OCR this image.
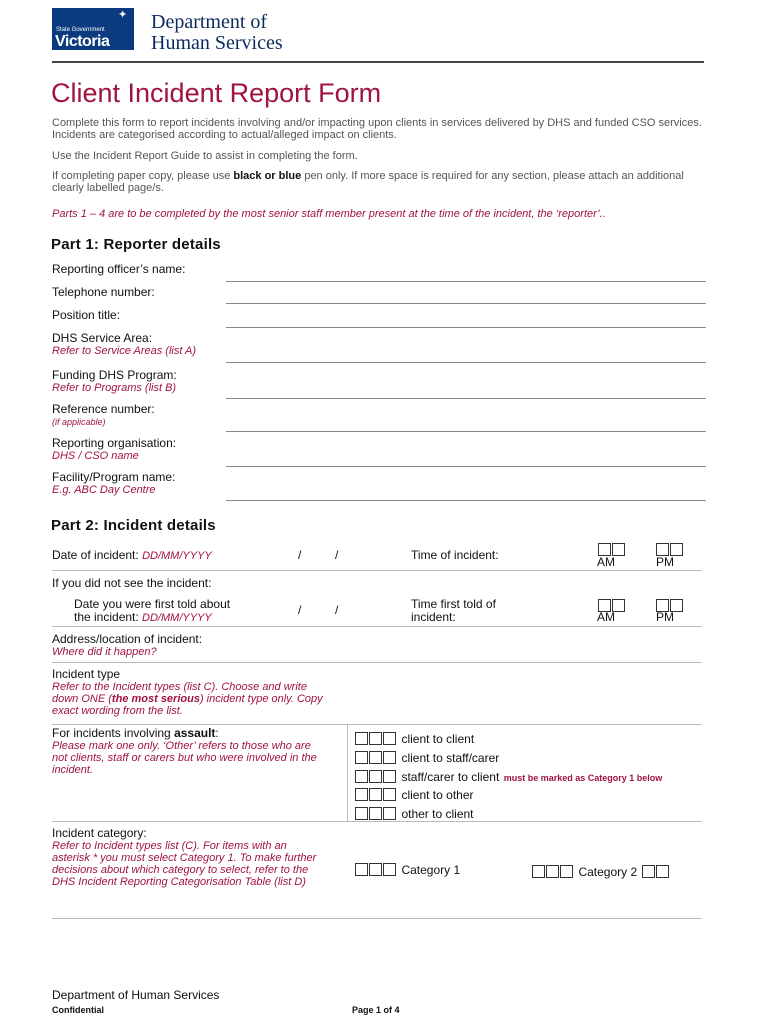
✦
State Government
Victoria
Department of
Human Services
Client Incident Report Form
Complete this form to report incidents involving and/or impacting upon clients in services delivered by DHS and funded CSO services. Incidents are categorised according to actual/alleged impact on clients.
Use the Incident Report Guide to assist in completing the form.
If completing paper copy, please use black or blue pen only. If more space is required for any section, please attach an additional clearly labelled page/s.
Parts 1 – 4 are to be completed by the most senior staff member present at the time of the incident, the ‘reporter’..
Part 1: Reporter details
Reporting officer’s name:
Telephone number:
Position title:
DHS Service Area:
Refer to Service Areas (list A)
Funding DHS Program:
Refer to Programs (list B)
Reference number:
(if applicable)
Reporting organisation:
DHS / CSO name
Facility/Program name:
E.g. ABC Day Centre
Part 2: Incident details
Date of incident: DD/MM/YYYY	/	/	Time of incident:	AM	PM
If you did not see the incident:
Date you were first told about
the incident: DD/MM/YYYY
/	/	Time first told of
incident:	AM	PM
Address/location of incident:
Where did it happen?
Incident type
Refer to the Incident types (list C). Choose and write down ONE (the most serious) incident type only. Copy exact wording from the list.
For incidents involving assault:
Please mark one only. ‘Other’ refers to those who are not clients, staff or carers but who were involved in the incident.
client to client
client to staff/carer
staff/carer to client must be marked as Category 1 below
client to other
other to client
Incident category:
Refer to Incident types list (C). For items with an asterisk * you must select Category 1. To make further decisions about which category to select, refer to the DHS Incident Reporting Categorisation Table (list D)
Category 1	Category 2
Department of Human Services
Confidential	Page 1 of 4
